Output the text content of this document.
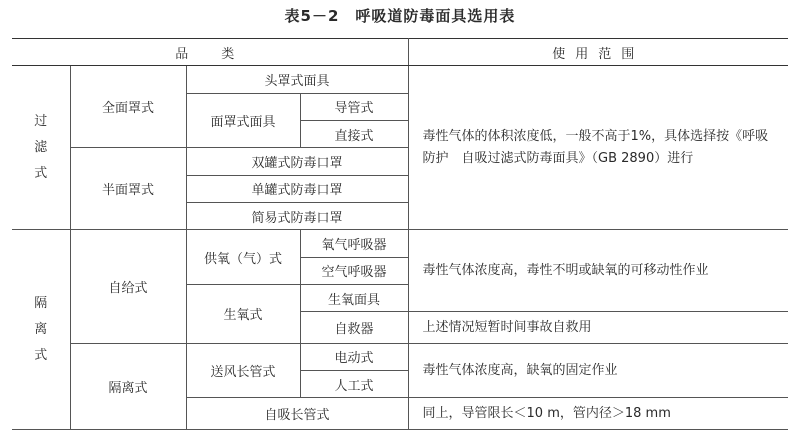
表5－2　呼吸道防毒面具选用表
品　类				使用范围
过
滤
式	全面罩式	头罩式面具		毒性气体的体积浓度低，一般不高于1%，具体选择按《呼吸防护　自吸过滤式防毒面具》（GB 2890）进行
		面罩式面具	导管式	
			直接式	
	半面罩式	双罐式防毒口罩		
		单罐式防毒口罩		
		简易式防毒口罩		

隔
离
式	自给式	供氧（气）式	氧气呼吸器	毒性气体浓度高，毒性不明或缺氧的可移动性作业
			空气呼吸器	
		生氧式	生氧面具	
			自救器	上述情况短暂时间事故自救用
	隔离式	送风长管式	电动式	毒性气体浓度高，缺氧的固定作业
			人工式	
		自吸长管式		同上，导管限长＜10 m，管内径＞18 mm
